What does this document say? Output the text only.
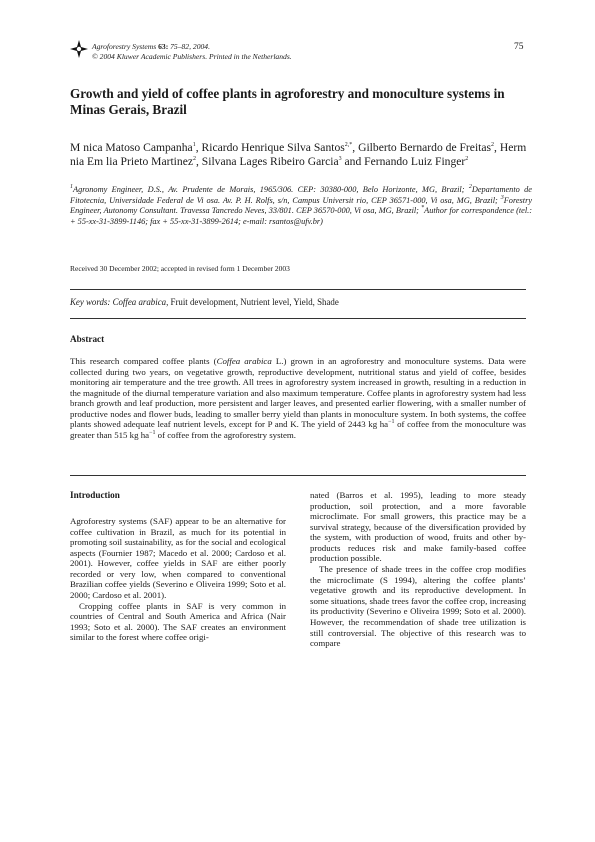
Agroforestry Systems 63: 75–82, 2004.
© 2004 Kluwer Academic Publishers. Printed in the Netherlands.
75
Growth and yield of coffee plants in agroforestry and monoculture systems in Minas Gerais, Brazil
M nica Matoso Campanha$^1$, Ricardo Henrique Silva Santos$^{2,*}$, Gilberto Bernardo de Freitas$^2$, Herm nia Em lia Prieto Martinez$^2$, Silvana Lages Ribeiro Garcia$^3$ and Fernando Luiz Finger$^2$
$^1$Agronomy Engineer, D.S., Av. Prudente de Morais, 1965/306. CEP: 30380-000, Belo Horizonte, MG, Brazil; $^2$Departamento de Fitotecnia, Universidade Federal de Vi osa. Av. P. H. Rolfs, s/n, Campus Universit rio, CEP 36571-000, Vi osa, MG, Brazil; $^3$Forestry Engineer, Autonomy Consultant. Travessa Tancredo Neves, 33/801. CEP 36570-000, Vi osa, MG, Brazil; *Author for correspondence (tel.: + 55-xx-31-3899-1146; fax + 55-xx-31-3899-2614; e-mail: rsantos@ufv.br)
Received 30 December 2002; accepted in revised form 1 December 2003
Key words: Coffea arabica, Fruit development, Nutrient level, Yield, Shade
Abstract
This research compared coffee plants (Coffea arabica L.) grown in an agroforestry and monoculture systems. Data were collected during two years, on vegetative growth, reproductive development, nutritional status and yield of coffee, besides monitoring air temperature and the tree growth. All trees in agroforestry system increased in growth, resulting in a reduction in the magnitude of the diurnal temperature variation and also maximum temperature. Coffee plants in agroforestry system had less branch growth and leaf production, more persistent and larger leaves, and presented earlier flowering, with a smaller number of productive nodes and flower buds, leading to smaller berry yield than plants in monoculture system. In both systems, the coffee plants showed adequate leaf nutrient levels, except for P and K. The yield of 2443 kg $ha^{-1}$ of coffee from the monoculture was greater than 515 kg $ha^{-1}$ of coffee from the agroforestry system.
Introduction

Agroforestry systems (SAF) appear to be an alternative for coffee cultivation in Brazil, as much for its potential in promoting soil sustainability, as for the social and ecological aspects (Fournier 1987; Macedo et al. 2000; Cardoso et al. 2001). However, coffee yields in SAF are either poorly recorded or very low, when compared to conventional Brazilian coffee yields (Severino e Oliveira 1999; Soto et al. 2000; Cardoso et al. 2001).

Cropping coffee plants in SAF is very common in countries of Central and South America and Africa (Nair 1993; Soto et al. 2000). The SAF creates an environment similar to the forest where coffee origi-

nated (Barros et al. 1995), leading to more steady production, soil protection, and a more favorable microclimate. For small growers, this practice may be a survival strategy, because of the diversification provided by the system, with production of wood, fruits and other by-products reduces risk and make family-based coffee production possible.

The presence of shade trees in the coffee crop modifies the microclimate (S 1994), altering the coffee plants’ vegetative growth and its reproductive development. In some situations, shade trees favor the coffee crop, increasing its productivity (Severino e Oliveira 1999; Soto et al. 2000). However, the recommendation of shade tree utilization is still controversial. The objective of this research was to compare
